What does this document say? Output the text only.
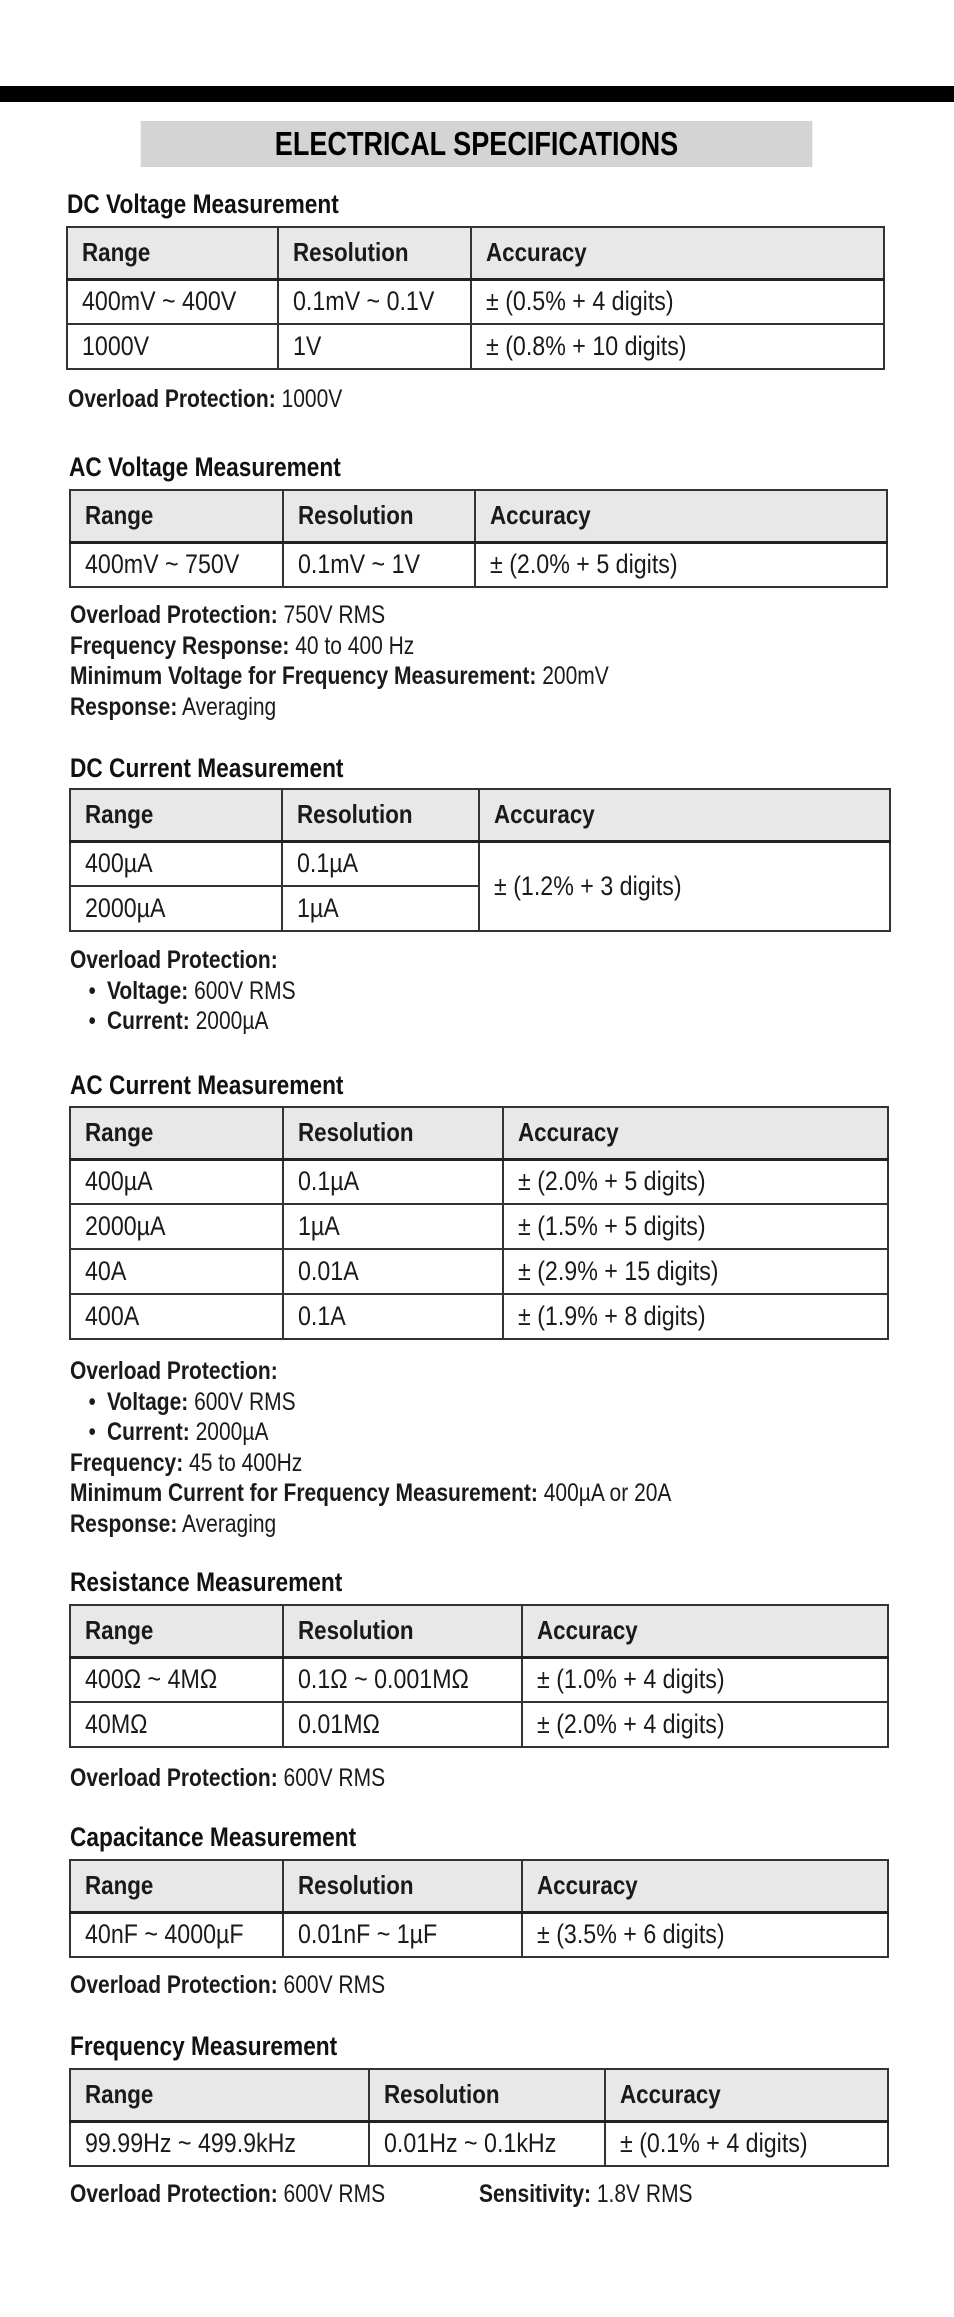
ELECTRICAL SPECIFICATIONS
DC Voltage Measurement
Range	Resolution	Accuracy
400mV ~ 400V	0.1mV ~ 0.1V	± (0.5% + 4 digits)
1000V	1V	± (0.8% + 10 digits)
Overload Protection: 1000V
AC Voltage Measurement
Range	Resolution	Accuracy
400mV ~ 750V	0.1mV ~ 1V	± (2.0% + 5 digits)
Overload Protection: 750V RMS
Frequency Response: 40 to 400 Hz
Minimum Voltage for Frequency Measurement: 200mV
Response: Averaging
DC Current Measurement
Range	Resolution	Accuracy
400µA	0.1µA	± (1.2% + 3 digits)
2000µA	1µA	
Overload Protection:
• Voltage: 600V RMS
• Current: 2000µA
AC Current Measurement
Range	Resolution	Accuracy
400µA	0.1µA	± (2.0% + 5 digits)
2000µA	1µA	± (1.5% + 5 digits)
40A	0.01A	± (2.9% + 15 digits)
400A	0.1A	± (1.9% + 8 digits)
Overload Protection:
• Voltage: 600V RMS
• Current: 2000µA
Frequency: 45 to 400Hz
Minimum Current for Frequency Measurement: 400µA or 20A
Response: Averaging
Resistance Measurement
Range	Resolution	Accuracy
400Ω ~ 4MΩ	0.1Ω ~ 0.001MΩ	± (1.0% + 4 digits)
40MΩ	0.01MΩ	± (2.0% + 4 digits)
Overload Protection: 600V RMS
Capacitance Measurement
Range	Resolution	Accuracy
40nF ~ 4000µF	0.01nF ~ 1µF	± (3.5% + 6 digits)
Overload Protection: 600V RMS
Frequency Measurement
Range	Resolution	Accuracy
99.99Hz ~ 499.9kHz	0.01Hz ~ 0.1kHz	± (0.1% + 4 digits)
Overload Protection: 600V RMS	Sensitivity: 1.8V RMS
